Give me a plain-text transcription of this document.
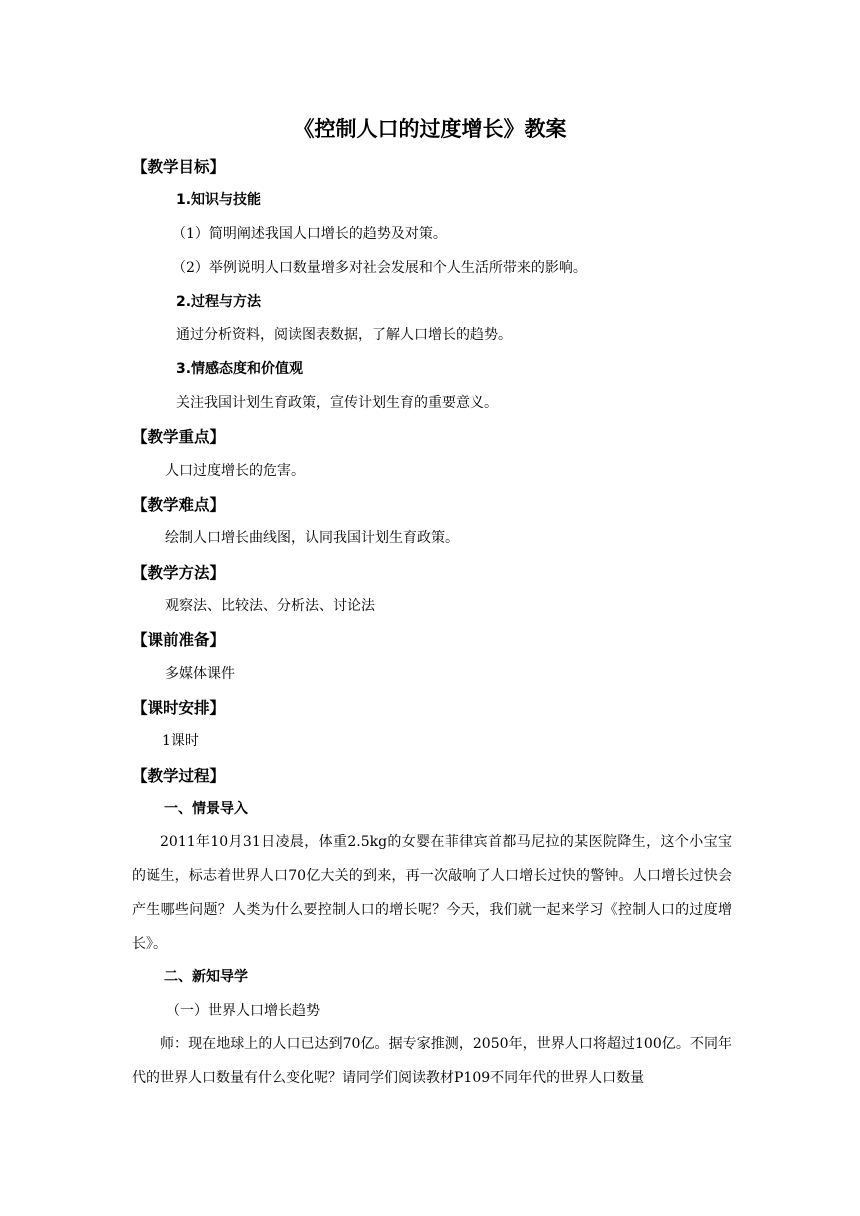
《控制人口的过度增长》教案
【教学目标】
1.知识与技能
（1）简明阐述我国人口增长的趋势及对策。
（2）举例说明人口数量增多对社会发展和个人生活所带来的影响。
2.过程与方法
通过分析资料，阅读图表数据，了解人口增长的趋势。
3.情感态度和价值观
关注我国计划生育政策，宣传计划生育的重要意义。
【教学重点】
人口过度增长的危害。
【教学难点】
绘制人口增长曲线图，认同我国计划生育政策。
【教学方法】
观察法、比较法、分析法、讨论法
【课前准备】
多媒体课件
【课时安排】
1课时
【教学过程】
一、情景导入
2011年10月31日凌晨，体重2.5kg的女婴在菲律宾首都马尼拉的某医院降生，这个小宝宝的诞生，标志着世界人口70亿大关的到来，再一次敲响了人口增长过快的警钟。人口增长过快会产生哪些问题？人类为什么要控制人口的增长呢？今天，我们就一起来学习《控制人口的过度增长》。
二、新知导学
（一）世界人口增长趋势
师：现在地球上的人口已达到70亿。据专家推测，2050年，世界人口将超过100亿。不同年代的世界人口数量有什么变化呢？请同学们阅读教材P109不同年代的世界人口数量
